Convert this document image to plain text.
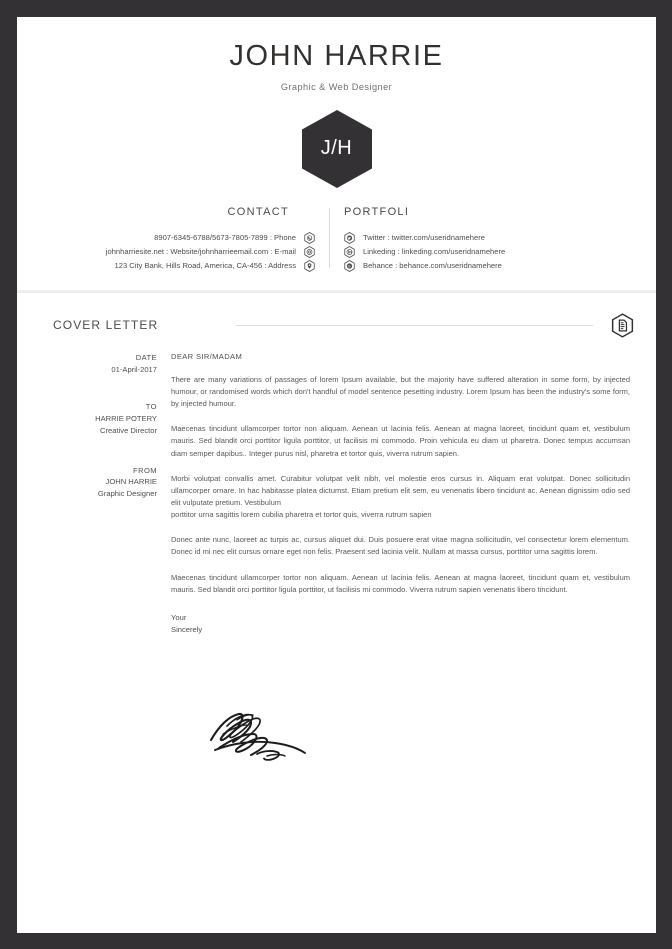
JOHN HARRIE
Graphic & Web Designer
J/H
CONTACT
8907-6345-6788/5673-7805-7899 : Phone
johnharriesite.net : Website/johnharrieemail.com : E-mail
123 City Bank, Hills Road, America, CA-456 : Address
PORTFOLI
Twitter : twitter.com/useridnamehere
Linkeding : linkeding.com/useridnamehere
B Behance : behance.com/useridnamehere
COVER LETTER
DATE
01-April-2017
TO
HARRIE POTERY
Creative Director
FROM
JOHN HARRIE
Graphic Designer
DEAR SIR/MADAM

There are many variations of passages of lorem Ipsum available, but the majority have suffered alteration in some form, by injected humour, or randomised words which don't handful of model sentence pesetting industry. Lorem Ipsum has been the industry's some form, by injected humour.

Maecenas tincidunt ullamcorper tortor non aliquam. Aenean ut lacinia felis. Aenean at magna laoreet, tincidunt quam et, vestibulum mauris. Sed blandit orci porttitor ligula porttitor, ut facilisis mi commodo. Proin vehicula eu diam ut pharetra. Donec tempus accumsan diam semper dapibus.. Integer purus nisl, pharetra et tortor quis, viverra rutrum sapien.

Morbi volutpat convallis amet. Curabitur volutpat velit nibh, vel molestie eros cursus in. Aliquam erat volutpat. Donec sollicitudin ullamcorper ornare. In hac habitasse platea dictumst. Etiam pretium elit sem, eu venenatis libero tincidunt ac. Aenean dignissim odio sed elit vulputate pretium. Vestibulum

porttitor urna sagittis lorem cubilia pharetra et tortor quis, viverra rutrum sapien

Donec ante nunc, laoreet ac turpis ac, cursus aliquet dui. Duis posuere erat vitae magna sollicitudin, vel consectetur lorem elementum. Donec id mi nec elit cursus ornare eget non felis. Praesent sed lacinia velit. Nullam at massa cursus, porttitor urna sagittis lorem.

Maecenas tincidunt ullamcorper tortor non aliquam. Aenean ut lacinia felis. Aenean at magna laoreet, tincidunt quam et, vestibulum mauris. Sed blandit orci porttitor ligula porttitor, ut facilisis mi commodo. Viverra rutrum sapien venenatis libero tincidunt.

Your
Sincerely
